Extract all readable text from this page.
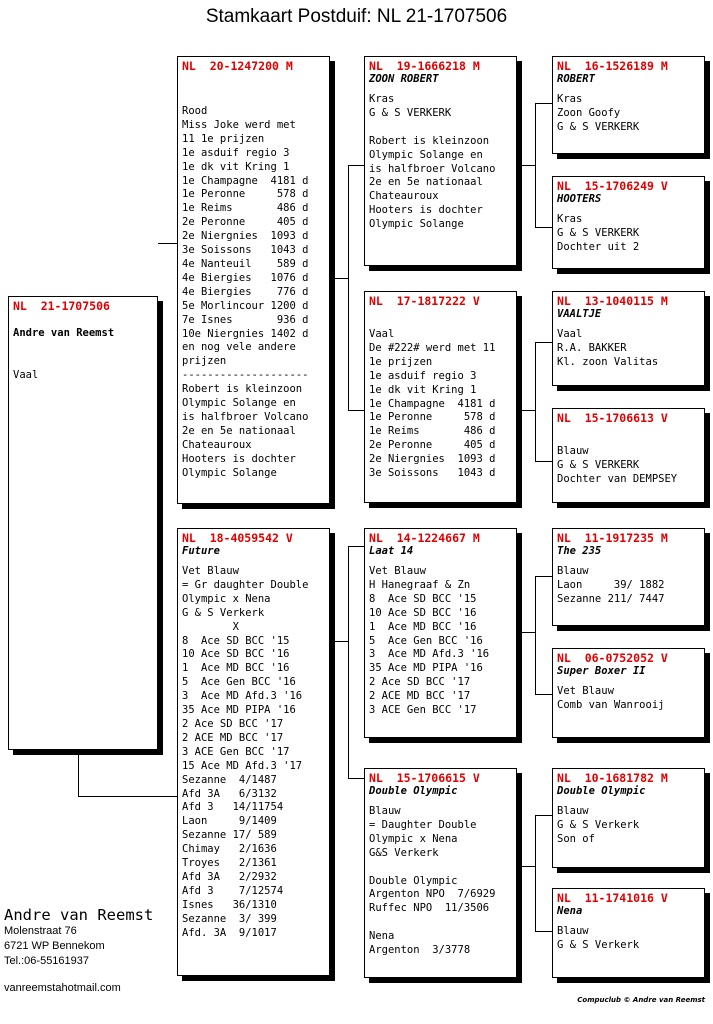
Stamkaart Postduif: NL 21-1707506
NL  21-1707506
Andre van Reemst

Vaal

NL  20-1247200 M
Rood
Miss Joke werd met
11 1e prijzen
1e asduif regio 3
1e dk vit Kring 1
1e Champagne  4181 d
1e Peronne     578 d
1e Reims       486 d
2e Peronne     405 d
2e Niergnies  1093 d
3e Soissons   1043 d
4e Nanteuil    589 d
4e Biergies   1076 d
4e Biergies    776 d
5e Morlincour 1200 d
7e Isnes       936 d
10e Niergnies 1402 d
en nog vele andere
prijzen
--------------------
Robert is kleinzoon
Olympic Solange en
is halfbroer Volcano
2e en 5e nationaal
Chateauroux
Hooters is dochter
Olympic Solange
NL  18-4059542 V
Future
Vet Blauw
= Gr daughter Double
Olympic x Nena
G & S Verkerk
X
8  Ace SD BCC '15
10 Ace SD BCC '16
1  Ace MD BCC '16
5  Ace Gen BCC '16
3  Ace MD Afd.3 '16
35 Ace MD PIPA '16
2 Ace SD BCC '17
2 ACE MD BCC '17
3 ACE Gen BCC '17
15 Ace MD Afd.3 '17
Sezanne  4/1487
Afd 3A   6/3132
Afd 3   14/11754
Laon     9/1409
Sezanne 17/ 589
Chimay   2/1636
Troyes   2/1361
Afd 3A   2/2932
Afd 3    7/12574
Isnes   36/1310
Sezanne  3/ 399
Afd. 3A  9/1017
NL  19-1666218 M
ZOON ROBERT
Kras
G & S VERKERK
Robert is kleinzoon
Olympic Solange en
is halfbroer Volcano
2e en 5e nationaal
Chateauroux
Hooters is dochter
Olympic Solange
NL  17-1817222 V
Vaal
De #222# werd met 11
1e prijzen
1e asduif regio 3
1e dk vit Kring 1
1e Champagne  4181 d
1e Peronne     578 d
1e Reims       486 d
2e Peronne     405 d
2e Niergnies  1093 d
3e Soissons   1043 d
NL  14-1224667 M
Laat 14
Vet Blauw
H Hanegraaf & Zn
8  Ace SD BCC '15
10 Ace SD BCC '16
1  Ace MD BCC '16
5  Ace Gen BCC '16
3  Ace MD Afd.3 '16
35 Ace MD PIPA '16
2 Ace SD BCC '17
2 ACE MD BCC '17
3 ACE Gen BCC '17
NL  15-1706615 V
Double Olympic
Blauw
= Daughter Double
Olympic x Nena
G&S Verkerk
Double Olympic
Argenton NPO  7/6929
Ruffec NPO  11/3506
Nena
Argenton  3/3778
NL  16-1526189 M
ROBERT
Kras
Zoon Goofy
G & S VERKERK
NL  15-1706249 V
HOOTERS
Kras
G & S VERKERK
Dochter uit 2
NL  13-1040115 M
VAALTJE
Vaal
R.A. BAKKER
Kl. zoon Valitas
NL  15-1706613 V
Blauw
G & S VERKERK
Dochter van DEMPSEY
NL  11-1917235 M
The 235
Blauw
Laon     39/ 1882
Sezanne 211/ 7447
NL  06-0752052 V
Super Boxer II
Vet Blauw
Comb van Wanrooij
NL  10-1681782 M
Double Olympic
Blauw
G & S Verkerk
Son of
NL  11-1741016 V
Nena
Blauw
G & S Verkerk
Andre van Reemst
Molenstraat 76
6721 WP Bennekom
Tel.:06-55161937
vanreemstahotmail.com
Compuclub © Andre van Reemst
